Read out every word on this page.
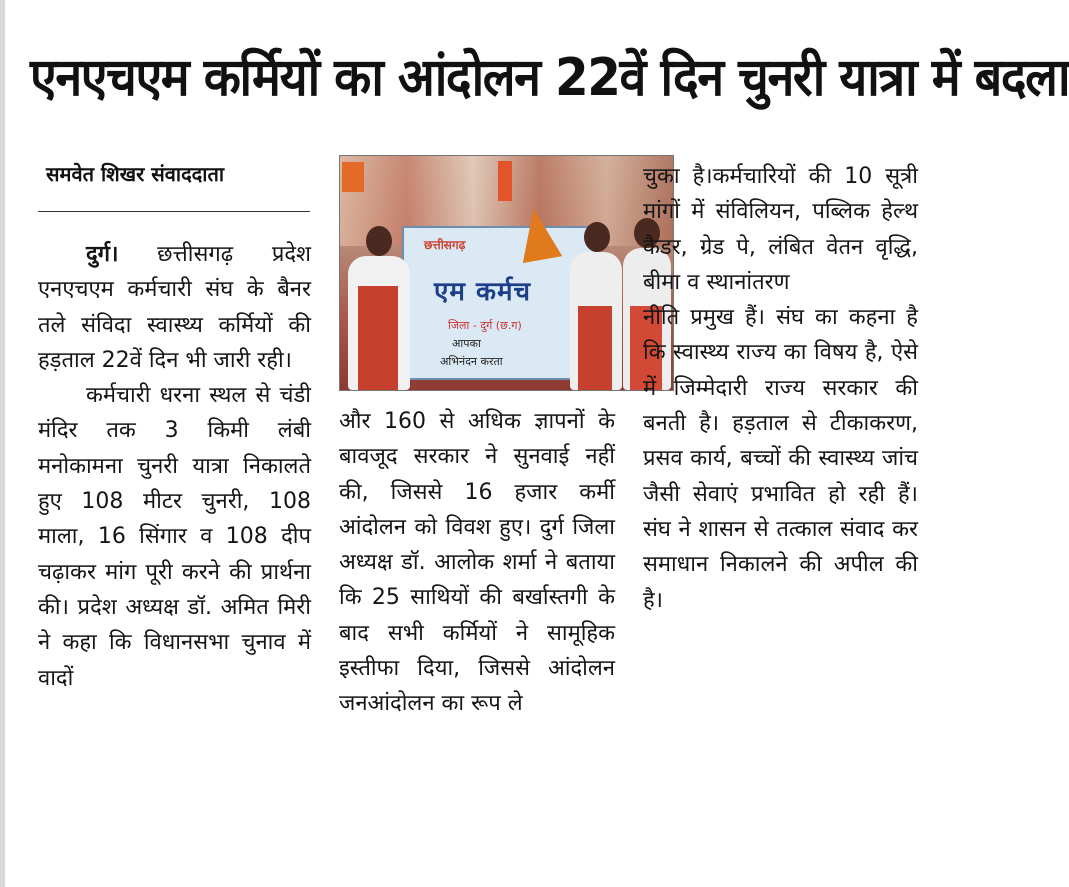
एनएचएम कर्मियों का आंदोलन 22वें दिन चुनरी यात्रा में बदला
समवेत शिखर संवाददाता

दुर्ग। छत्तीसगढ़ प्रदेश एनएचएम कर्मचारी संघ के बैनर तले संविदा स्वास्थ्य कर्मियों की हड़ताल 22वें दिन भी जारी रही।

कर्मचारी धरना स्थल से चंडी मंदिर तक 3 किमी लंबी मनोकामना चुनरी यात्रा निकालते हुए 108 मीटर चुनरी, 108 माला, 16 सिंगार व 108 दीप चढ़ाकर मांग पूरी करने की प्रार्थना की। प्रदेश अध्यक्ष डॉ. अमित मिरी ने कहा कि विधानसभा चुनाव में वादों

छत्तीसगढ़
एम कर्मच
जिला - दुर्ग (छ.ग)
आपका
अभिनंदन करता

और 160 से अधिक ज्ञापनों के बावजूद सरकार ने सुनवाई नहीं की, जिससे 16 हजार कर्मी आंदोलन को विवश हुए। दुर्ग जिला अध्यक्ष डॉ. आलोक शर्मा ने बताया कि 25 साथियों की बर्खास्तगी के बाद सभी कर्मियों ने सामूहिक इस्तीफा दिया, जिससे आंदोलन जनआंदोलन का रूप ले

चुका है।कर्मचारियों की 10 सूत्री मांगों में संविलियन, पब्लिक हेल्थ कैडर, ग्रेड पे, लंबित वेतन वृद्धि, बीमा व स्थानांतरण

नीति प्रमुख हैं। संघ का कहना है कि स्वास्थ्य राज्य का विषय है, ऐसे में जिम्मेदारी राज्य सरकार की बनती है। हड़ताल से टीकाकरण, प्रसव कार्य, बच्चों की स्वास्थ्य जांच जैसी सेवाएं प्रभावित हो रही हैं। संघ ने शासन से तत्काल संवाद कर समाधान निकालने की अपील की है।
